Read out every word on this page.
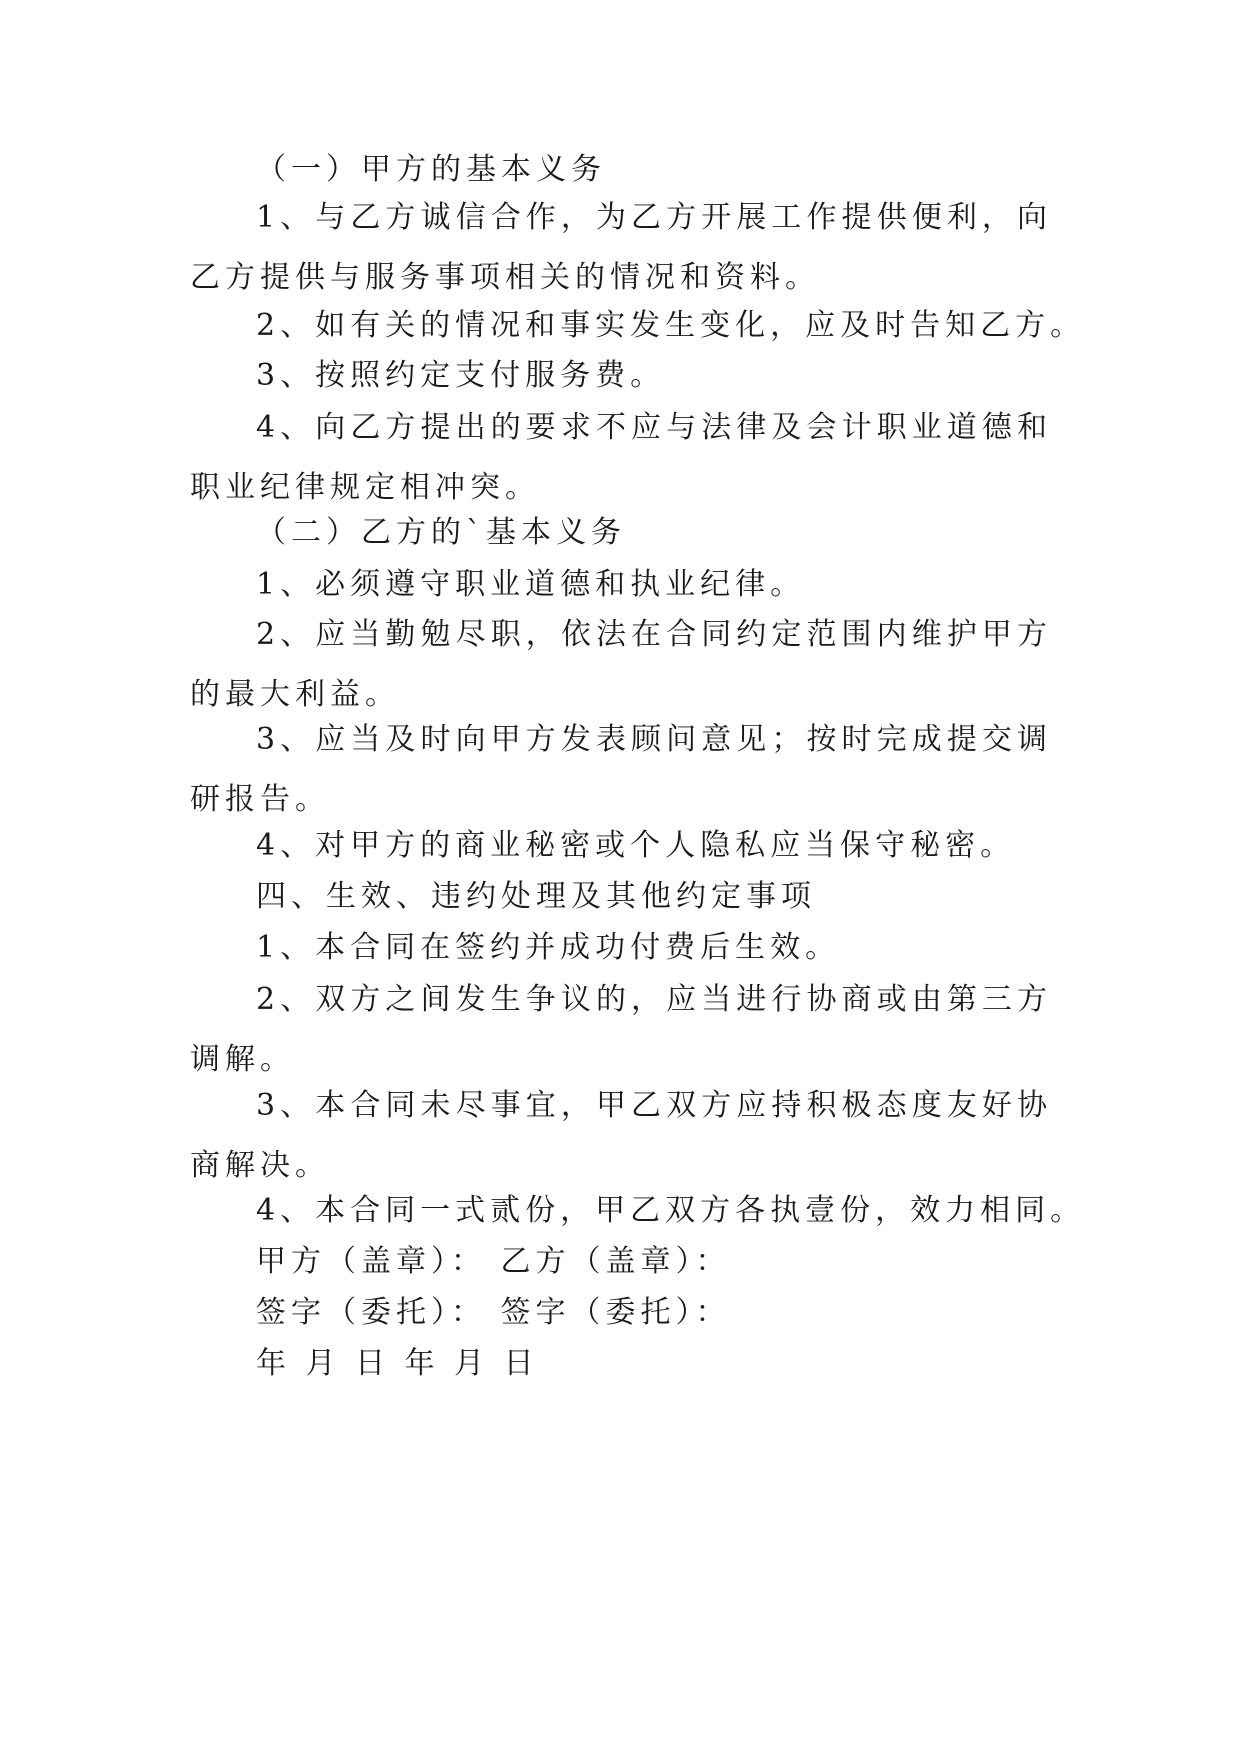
（一）甲方的基本义务

1、与乙方诚信合作，为乙方开展工作提供便利，向乙方提供与服务事项相关的情况和资料。

2、如有关的情况和事实发生变化，应及时告知乙方。

3、按照约定支付服务费。

4、向乙方提出的要求不应与法律及会计职业道德和职业纪律规定相冲突。

（二）乙方的`基本义务

1、必须遵守职业道德和执业纪律。

2、应当勤勉尽职，依法在合同约定范围内维护甲方的最大利益。

3、应当及时向甲方发表顾问意见；按时完成提交调研报告。

4、对甲方的商业秘密或个人隐私应当保守秘密。

四、生效、违约处理及其他约定事项

1、本合同在签约并成功付费后生效。

2、双方之间发生争议的，应当进行协商或由第三方调解。

3、本合同未尽事宜，甲乙双方应持积极态度友好协商解决。

4、本合同一式贰份，甲乙双方各执壹份，效力相同。

甲方（盖章）： 乙方（盖章）：

签字（委托）： 签字（委托）：

年 月 日 年 月 日
